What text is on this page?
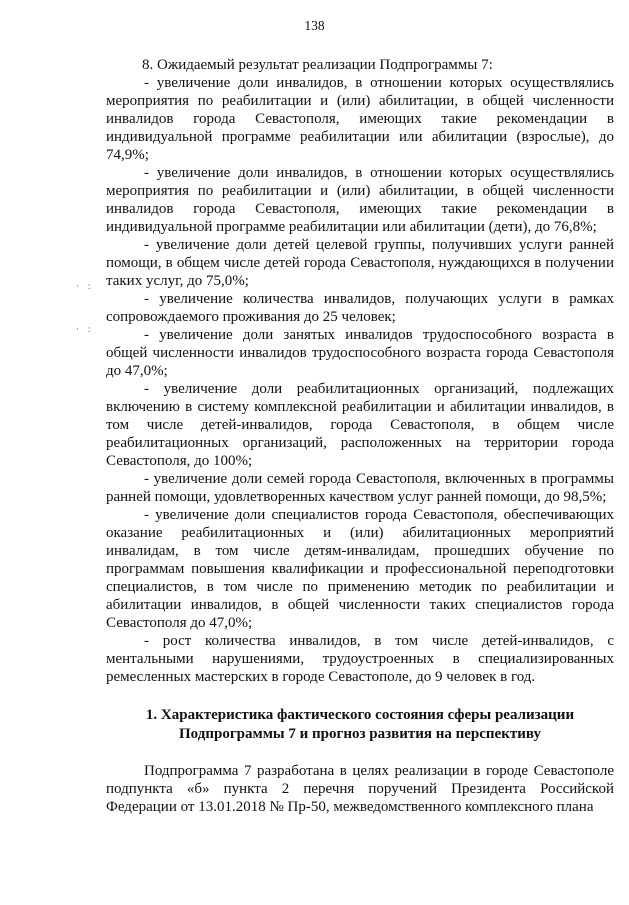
138
·  :
·  :

8. Ожидаемый результат реализации Подпрограммы 7:

- увеличение доли инвалидов, в отношении которых осуществлялись мероприятия по реабилитации и (или) абилитации, в общей численности инвалидов города Севастополя, имеющих такие рекомендации в индивидуальной программе реабилитации или абилитации (взрослые), до 74,9%;

- увеличение доли инвалидов, в отношении которых осуществлялись мероприятия по реабилитации и (или) абилитации, в общей численности инвалидов города Севастополя, имеющих такие рекомендации в индивидуальной программе реабилитации или абилитации (дети), до 76,8%;

- увеличение доли детей целевой группы, получивших услуги ранней помощи, в общем числе детей города Севастополя, нуждающихся в получении таких услуг, до 75,0%;

- увеличение количества инвалидов, получающих услуги в рамках сопровождаемого проживания до 25 человек;

- увеличение доли занятых инвалидов трудоспособного возраста в общей численности инвалидов трудоспособного возраста города Севастополя до 47,0%;

- увеличение доли реабилитационных организаций, подлежащих включению в систему комплексной реабилитации и абилитации инвалидов, в том числе детей-инвалидов, города Севастополя, в общем числе реабилитационных организаций, расположенных на территории города Севастополя, до 100%;

- увеличение доли семей города Севастополя, включенных в программы ранней помощи, удовлетворенных качеством услуг ранней помощи, до 98,5%;

- увеличение доли специалистов города Севастополя, обеспечивающих оказание реабилитационных и (или) абилитационных мероприятий инвалидам, в том числе детям-инвалидам, прошедших обучение по программам повышения квалификации и профессиональной переподготовки специалистов, в том числе по применению методик по реабилитации и абилитации инвалидов, в общей численности таких специалистов города Севастополя до 47,0%;

- рост количества инвалидов, в том числе детей-инвалидов, с ментальными нарушениями, трудоустроенных в специализированных ремесленных мастерских в городе Севастополе, до 9 человек в год.

1. Характеристика фактического состояния сферы реализации
Подпрограммы 7 и прогноз развития на перспективу

Подпрограмма 7 разработана в целях реализации в городе Севастополе подпункта «б» пункта 2 перечня поручений Президента Российской Федерации от 13.01.2018 № Пр-50, межведомственного комплексного плана
